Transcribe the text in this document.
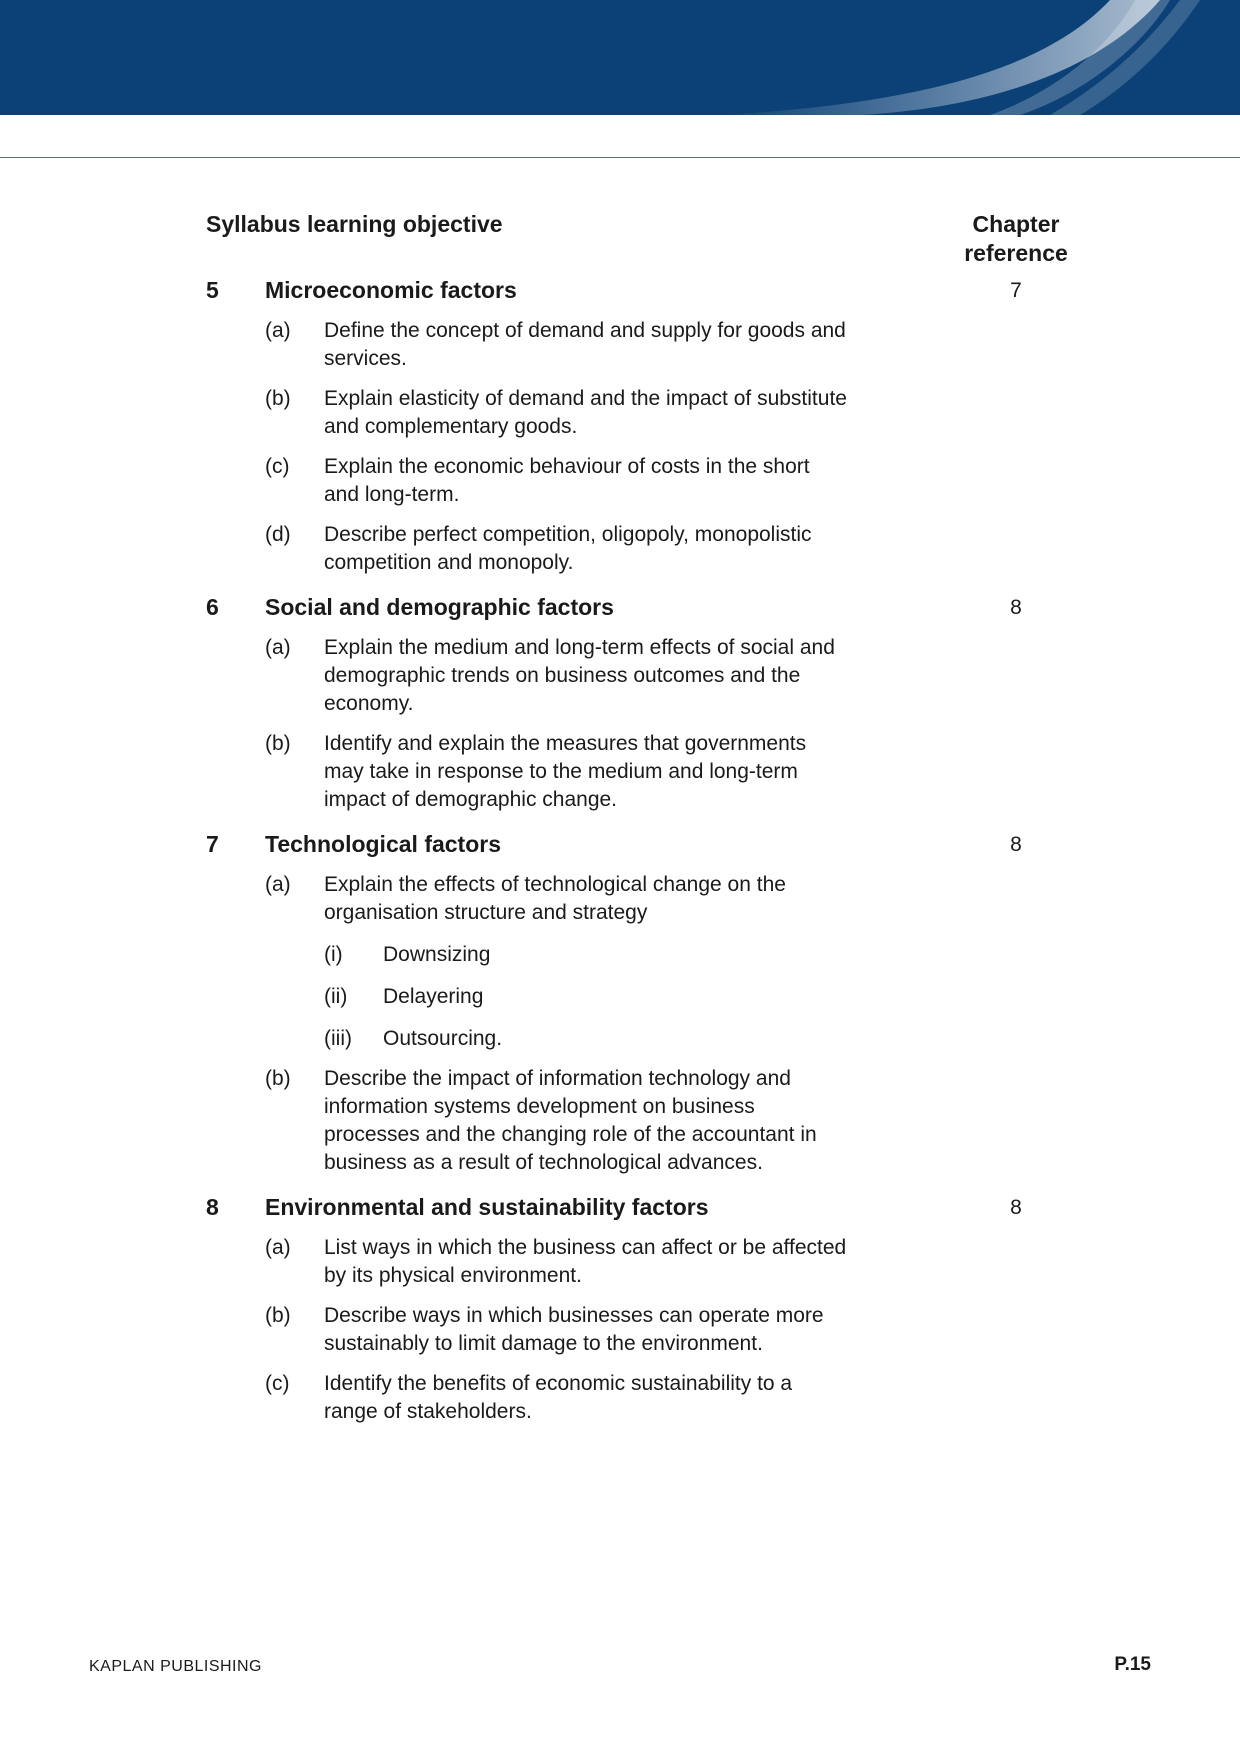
Syllabus learning objective	Chapter
reference
5 Microeconomic factors	7
(a) Define the concept of demand and supply for goods and services.
(b) Explain elasticity of demand and the impact of substitute and complementary goods.
(c) Explain the economic behaviour of costs in the short and long-term.
(d) Describe perfect competition, oligopoly, monopolistic competition and monopoly.
6 Social and demographic factors	8
(a) Explain the medium and long-term effects of social and demographic trends on business outcomes and the economy.
(b) Identify and explain the measures that governments may take in response to the medium and long-term impact of demographic change.
7 Technological factors	8
(a) Explain the effects of technological change on the organisation structure and strategy
(i) Downsizing
(ii) Delayering
(iii) Outsourcing.
(b) Describe the impact of information technology and information systems development on business processes and the changing role of the accountant in business as a result of technological advances.
8 Environmental and sustainability factors	8
(a) List ways in which the business can affect or be affected by its physical environment.
(b) Describe ways in which businesses can operate more sustainably to limit damage to the environment.
(c) Identify the benefits of economic sustainability to a range of stakeholders.
KAPLAN PUBLISHING	P.15
